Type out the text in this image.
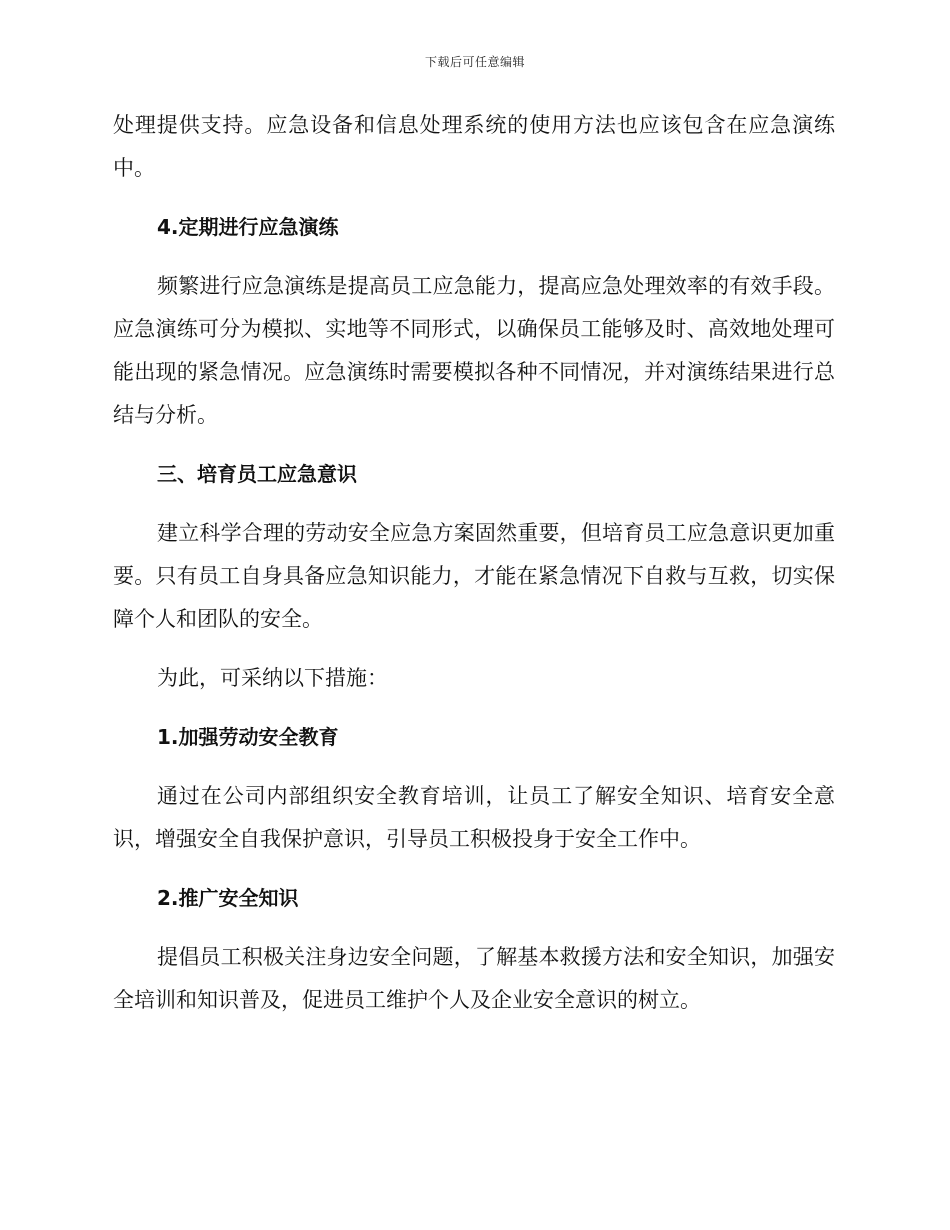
下载后可任意编辑

处理提供支持。应急设备和信息处理系统的使用方法也应该包含在应急演练中。

4.定期进行应急演练

频繁进行应急演练是提高员工应急能力，提高应急处理效率的有效手段。应急演练可分为模拟、实地等不同形式，以确保员工能够及时、高效地处理可能出现的紧急情况。应急演练时需要模拟各种不同情况，并对演练结果进行总结与分析。

三、培育员工应急意识

建立科学合理的劳动安全应急方案固然重要，但培育员工应急意识更加重要。只有员工自身具备应急知识能力，才能在紧急情况下自救与互救，切实保障个人和团队的安全。

为此，可采纳以下措施：

1.加强劳动安全教育

通过在公司内部组织安全教育培训，让员工了解安全知识、培育安全意识，增强安全自我保护意识，引导员工积极投身于安全工作中。

2.推广安全知识

提倡员工积极关注身边安全问题，了解基本救援方法和安全知识，加强安全培训和知识普及，促进员工维护个人及企业安全意识的树立。
